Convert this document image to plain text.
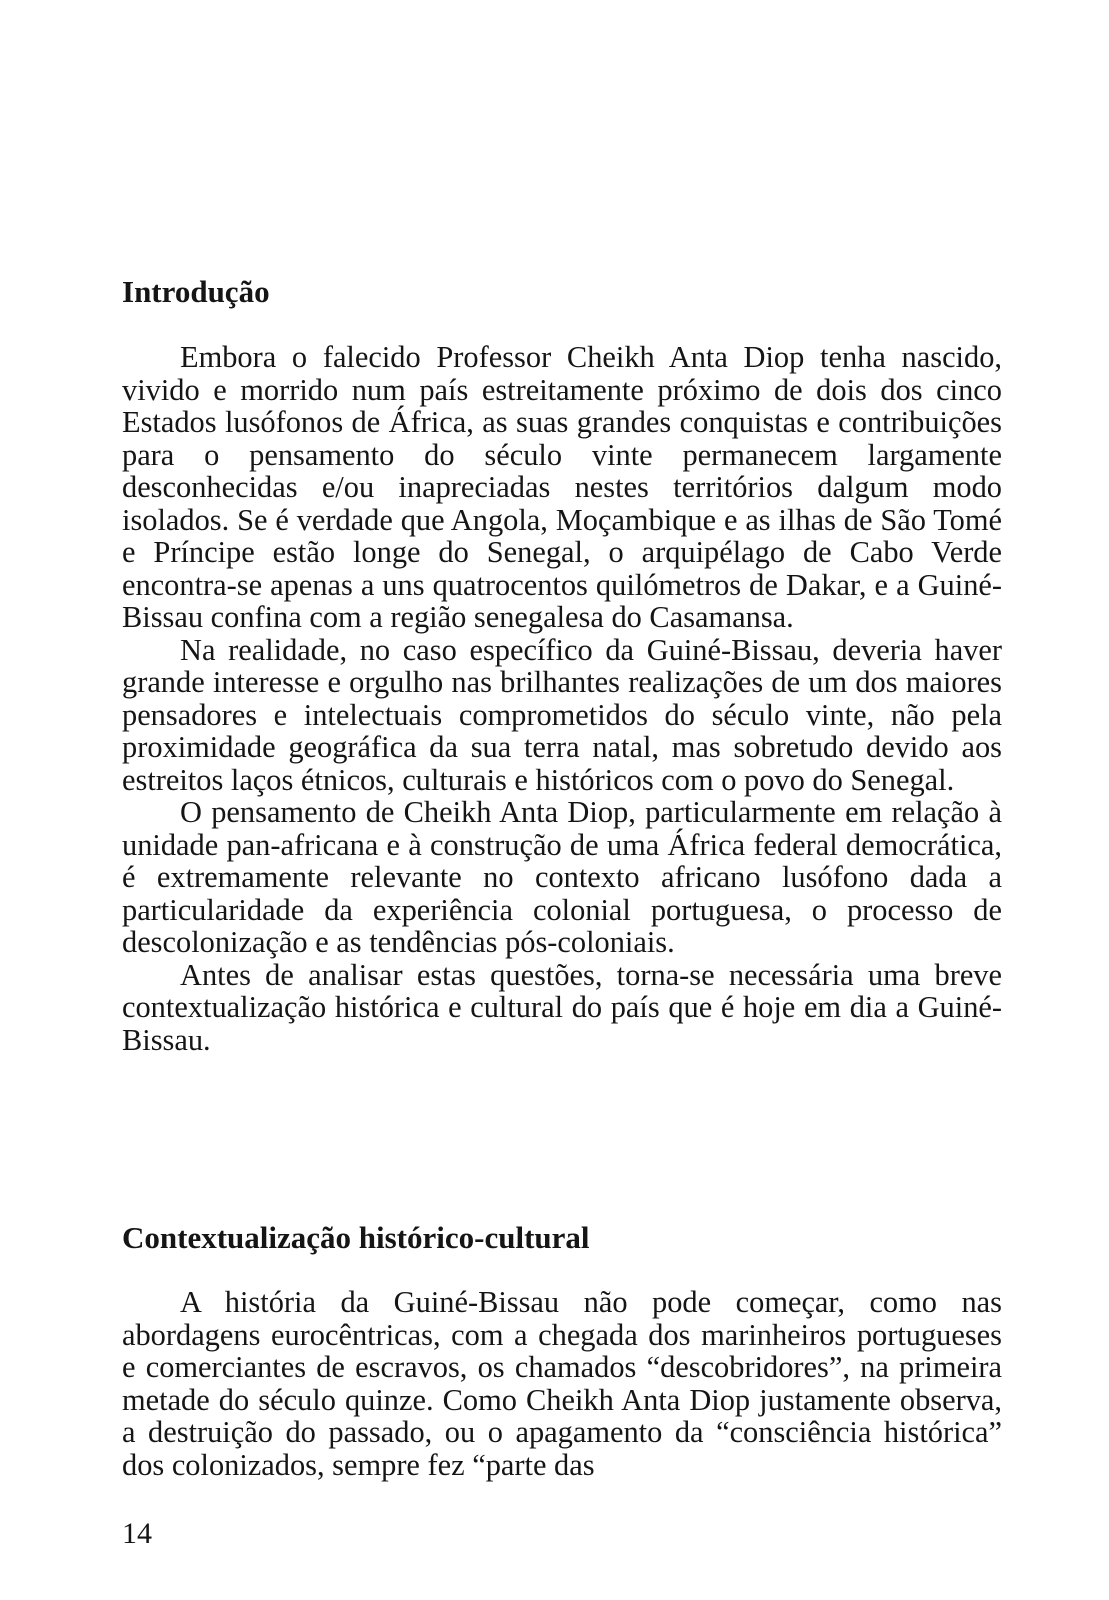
Introdução

Embora o falecido Professor Cheikh Anta Diop tenha nascido, vivido e morrido num país estreitamente próximo de dois dos cinco Estados lusófonos de África, as suas grandes conquistas e contribuições para o pensamento do século vinte permanecem largamente desconhecidas e/ou inapreciadas nestes territórios dalgum modo isolados. Se é verdade que Angola, Moçambique e as ilhas de São Tomé e Príncipe estão longe do Senegal, o arquipélago de Cabo Verde encontra-se apenas a uns quatrocentos quilómetros de Dakar, e a Guiné-Bissau confina com a região senegalesa do Casamansa.

Na realidade, no caso específico da Guiné-Bissau, deveria haver grande interesse e orgulho nas brilhantes realizações de um dos maiores pensadores e intelectuais comprometidos do século vinte, não pela proximidade geográfica da sua terra natal, mas sobretudo devido aos estreitos laços étnicos, culturais e históricos com o povo do Senegal.

O pensamento de Cheikh Anta Diop, particularmente em relação à unidade pan-africana e à construção de uma África federal democrática, é extremamente relevante no contexto africano lusófono dada a particularidade da experiência colonial portuguesa, o processo de descolonização e as tendências pós-coloniais.

Antes de analisar estas questões, torna-se necessária uma breve contextualização histórica e cultural do país que é hoje em dia a Guiné-Bissau.

Contextualização histórico-cultural

A história da Guiné-Bissau não pode começar, como nas abordagens eurocêntricas, com a chegada dos marinheiros portugueses e comerciantes de escravos, os chamados “descobridores”, na primeira metade do século quinze. Como Cheikh Anta Diop justamente observa, a destruição do passado, ou o apagamento da “consciência histórica” dos colonizados, sempre fez “parte das

14
